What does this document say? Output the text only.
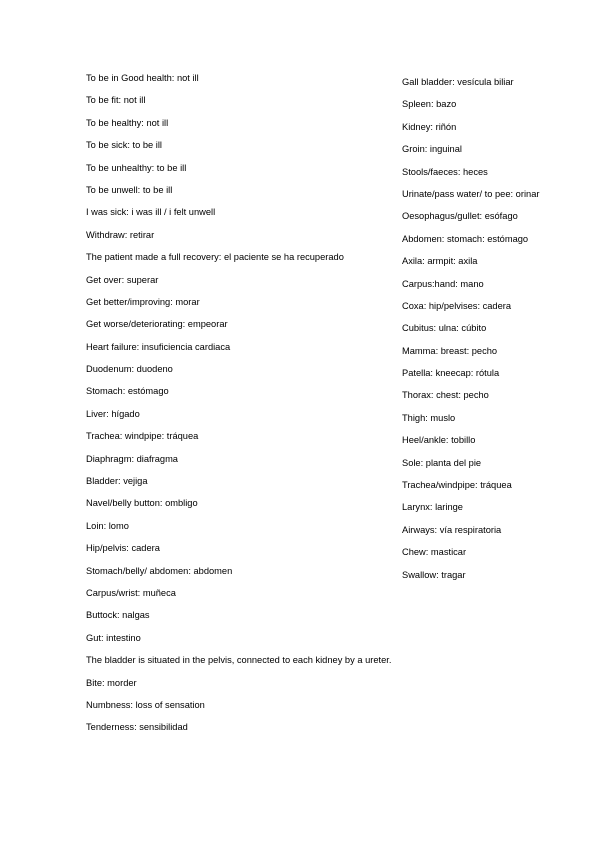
To be in Good health: not ill
To be fit: not ill
To be healthy: not ill
To be sick: to be ill
To be unhealthy: to be ill
To be unwell: to be ill
I was sick: i was ill / i felt unwell
Withdraw: retirar
The patient made a full recovery: el paciente se ha recuperado
Get over: superar
Get better/improving: morar
Get worse/deteriorating: empeorar
Heart failure: insuficiencia cardiaca
Duodenum: duodeno
Stomach: estómago
Liver: hígado
Trachea: windpipe: tráquea
Diaphragm: diafragma
Bladder: vejiga
Navel/belly button: ombligo
Loin: lomo
Hip/pelvis: cadera
Stomach/belly/ abdomen: abdomen
Carpus/wrist: muñeca
Buttock: nalgas
Gut: intestino
The bladder is situated in the pelvis, connected to each kidney by a ureter.
Bite: morder
Numbness: loss of sensation
Tenderness: sensibilidad
Gall bladder: vesícula biliar
Spleen: bazo
Kidney: riñón
Groin: inguinal
Stools/faeces: heces
Urinate/pass water/ to pee: orinar
Oesophagus/gullet: esófago
Abdomen: stomach: estómago
Axila: armpit: axila
Carpus:hand: mano
Coxa: hip/pelvises: cadera
Cubitus: ulna: cúbito
Mamma: breast: pecho
Patella: kneecap: rótula
Thorax: chest: pecho
Thigh: muslo
Heel/ankle: tobillo
Sole: planta del pie
Trachea/windpipe: tráquea
Larynx: laringe
Airways: vía respiratoria
Chew: masticar
Swallow: tragar
